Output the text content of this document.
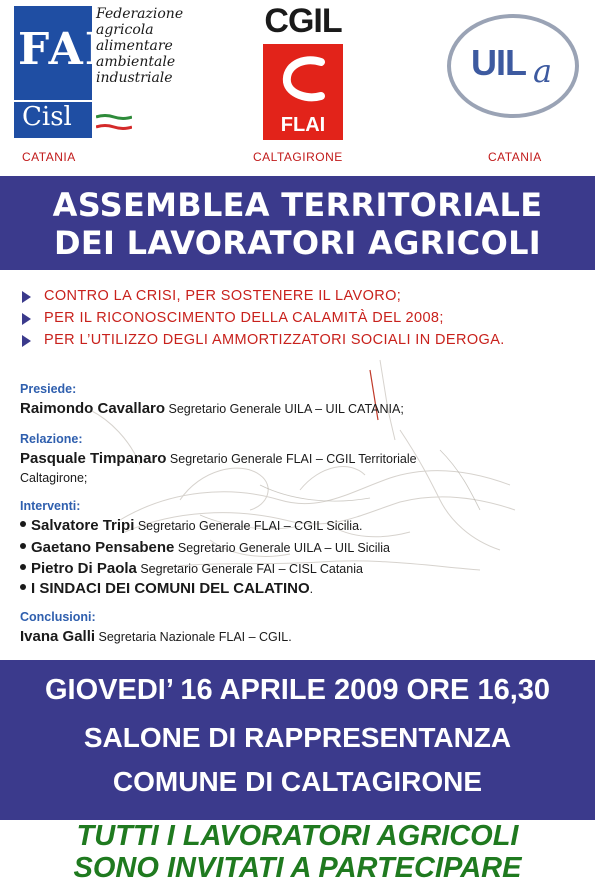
FAI
Cisl
Federazione
agricola
alimentare
ambientale
industriale
CGIL
FLAI
UIL a
CATANIA	CALTAGIRONE	CATANIA
ASSEMBLEA TERRITORIALE
DEI LAVORATORI AGRICOLI
CONTRO LA CRISI, PER SOSTENERE IL LAVORO;
PER IL RICONOSCIMENTO DELLA CALAMITÀ DEL 2008;
PER L’UTILIZZO DEGLI AMMORTIZZATORI SOCIALI IN DEROGA.
Presiede:
Raimondo Cavallaro Segretario Generale UILA – UIL CATANIA;
Relazione:
Pasquale Timpanaro Segretario Generale FLAI – CGIL Territoriale
Caltagirone;
Interventi:
Salvatore Tripi Segretario Generale FLAI – CGIL Sicilia.
Gaetano Pensabene Segretario Generale UILA – UIL Sicilia
Pietro Di Paola Segretario Generale FAI – CISL Catania
I SINDACI DEI COMUNI DEL CALATINO.
Conclusioni:
Ivana Galli Segretaria Nazionale FLAI – CGIL.
GIOVEDI’ 16 APRILE 2009 ORE 16,30
SALONE DI RAPPRESENTANZA
COMUNE DI CALTAGIRONE
TUTTI I LAVORATORI AGRICOLI
SONO INVITATI A PARTECIPARE
